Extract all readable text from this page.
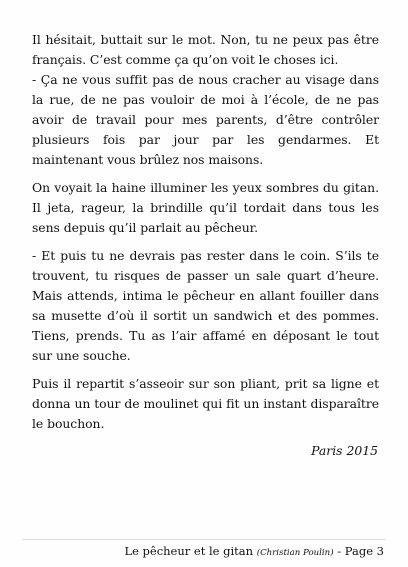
Il hésitait, buttait sur le mot. Non, tu ne peux pas être français. C’est comme ça qu’on voit le choses ici.
- Ça ne vous suffit pas de nous cracher au visage dans la rue, de ne pas vouloir de moi à l’école, de ne pas avoir de travail pour mes parents, d’être contrôler plusieurs fois par jour par les gendarmes. Et maintenant vous brûlez nos maisons.

On voyait la haine illuminer les yeux sombres du gitan. Il jeta, rageur, la brindille qu’il tordait dans tous les sens depuis qu’il parlait au pêcheur.

- Et puis tu ne devrais pas rester dans le coin. S’ils te trouvent, tu risques de passer un sale quart d’heure. Mais attends, intima le pêcheur en allant fouiller dans sa musette d’où il sortit un sandwich et des pommes. Tiens, prends. Tu as l’air affamé en déposant le tout sur une souche.

Puis il repartit s’asseoir sur son pliant, prit sa ligne et donna un tour de moulinet qui fit un instant disparaître le bouchon.

Paris 2015
Le pêcheur et le gitan (Christian Poulin) - Page 3
